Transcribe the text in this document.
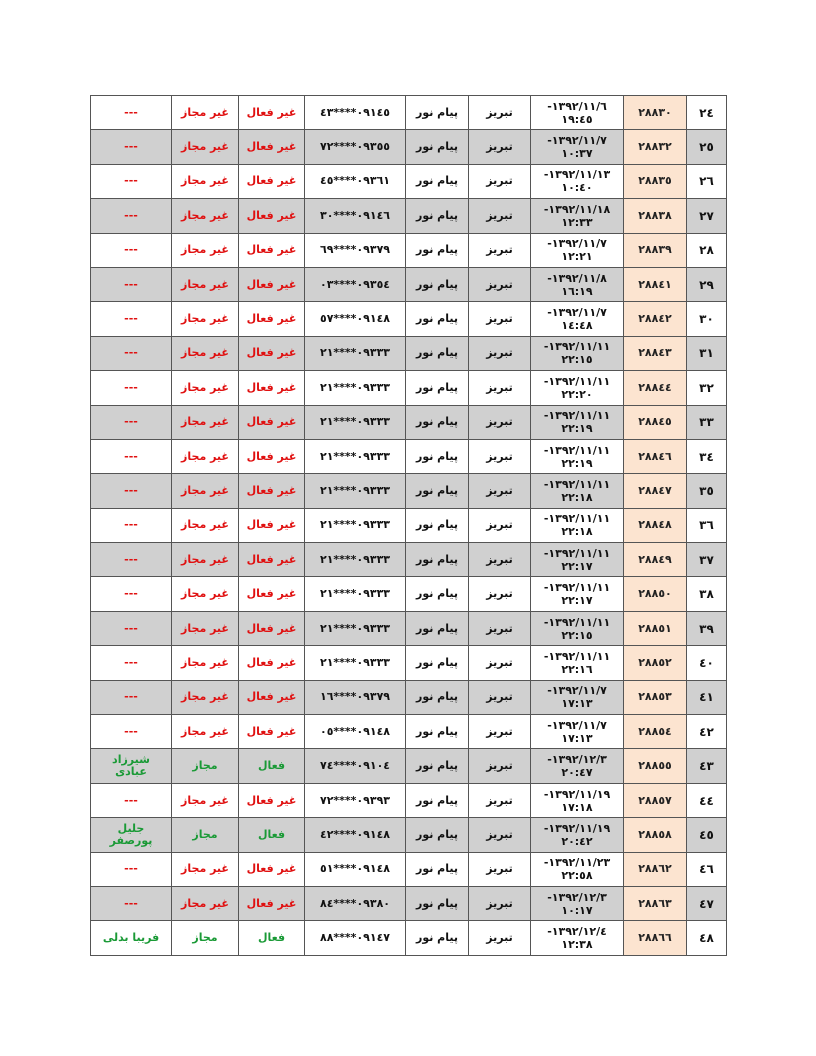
٢٤	٢٨٨٣٠	١٣٩٢/١١/٦-
١٩:٤٥	تبریز	پیام نور	٠٩١٤٥****٤٣	غیر فعال	غیر مجاز	---
٢٥	٢٨٨٣٢	١٣٩٢/١١/٧-
١٠:٣٧	تبریز	پیام نور	٠٩٣٥٥****٧٢	غیر فعال	غیر مجاز	---
٢٦	٢٨٨٣٥	١٣٩٢/١١/١٣-
١٠:٤٠	تبریز	پیام نور	٠٩٣٦١****٤٥	غیر فعال	غیر مجاز	---
٢٧	٢٨٨٣٨	١٣٩٢/١١/١٨-
١٢:٣٣	تبریز	پیام نور	٠٩١٤٦****٣٠	غیر فعال	غیر مجاز	---
٢٨	٢٨٨٣٩	١٣٩٢/١١/٧-
١٢:٢١	تبریز	پیام نور	٠٩٣٧٩****٦٩	غیر فعال	غیر مجاز	---
٢٩	٢٨٨٤١	١٣٩٢/١١/٨-
١٦:١٩	تبریز	پیام نور	٠٩٣٥٤****٠٣	غیر فعال	غیر مجاز	---
٣٠	٢٨٨٤٢	١٣٩٢/١١/٧-
١٤:٤٨	تبریز	پیام نور	٠٩١٤٨****٥٧	غیر فعال	غیر مجاز	---
٣١	٢٨٨٤٣	١٣٩٢/١١/١١-
٢٢:١٥	تبریز	پیام نور	٠٩٣٣٣****٢١	غیر فعال	غیر مجاز	---
٣٢	٢٨٨٤٤	١٣٩٢/١١/١١-
٢٢:٢٠	تبریز	پیام نور	٠٩٣٣٣****٢١	غیر فعال	غیر مجاز	---
٣٣	٢٨٨٤٥	١٣٩٢/١١/١١-
٢٢:١٩	تبریز	پیام نور	٠٩٣٣٣****٢١	غیر فعال	غیر مجاز	---
٣٤	٢٨٨٤٦	١٣٩٢/١١/١١-
٢٢:١٩	تبریز	پیام نور	٠٩٣٣٣****٢١	غیر فعال	غیر مجاز	---
٣٥	٢٨٨٤٧	١٣٩٢/١١/١١-
٢٢:١٨	تبریز	پیام نور	٠٩٣٣٣****٢١	غیر فعال	غیر مجاز	---
٣٦	٢٨٨٤٨	١٣٩٢/١١/١١-
٢٢:١٨	تبریز	پیام نور	٠٩٣٣٣****٢١	غیر فعال	غیر مجاز	---
٣٧	٢٨٨٤٩	١٣٩٢/١١/١١-
٢٢:١٧	تبریز	پیام نور	٠٩٣٣٣****٢١	غیر فعال	غیر مجاز	---
٣٨	٢٨٨٥٠	١٣٩٢/١١/١١-
٢٢:١٧	تبریز	پیام نور	٠٩٣٣٣****٢١	غیر فعال	غیر مجاز	---
٣٩	٢٨٨٥١	١٣٩٢/١١/١١-
٢٢:١٥	تبریز	پیام نور	٠٩٣٣٣****٢١	غیر فعال	غیر مجاز	---
٤٠	٢٨٨٥٢	١٣٩٢/١١/١١-
٢٢:١٦	تبریز	پیام نور	٠٩٣٣٣****٢١	غیر فعال	غیر مجاز	---
٤١	٢٨٨٥٣	١٣٩٢/١١/٧-
١٧:١٣	تبریز	پیام نور	٠٩٣٧٩****١٦	غیر فعال	غیر مجاز	---
٤٢	٢٨٨٥٤	١٣٩٢/١١/٧-
١٧:١٣	تبریز	پیام نور	٠٩١٤٨****٠٥	غیر فعال	غیر مجاز	---
٤٣	٢٨٨٥٥	١٣٩٢/١٢/٣-
٢٠:٤٧	تبریز	پیام نور	٠٩١٠٤****٧٤	فعال	مجاز	شیرزاد
عبادی
٤٤	٢٨٨٥٧	١٣٩٢/١١/١٩-
١٧:١٨	تبریز	پیام نور	٠٩٣٩٣****٧٢	غیر فعال	غیر مجاز	---
٤٥	٢٨٨٥٨	١٣٩٢/١١/١٩-
٢٠:٤٢	تبریز	پیام نور	٠٩١٤٨****٤٢	فعال	مجاز	جلیل
پورصفر
٤٦	٢٨٨٦٢	١٣٩٢/١١/٢٣-
٢٢:٥٨	تبریز	پیام نور	٠٩١٤٨****٥١	غیر فعال	غیر مجاز	---
٤٧	٢٨٨٦٣	١٣٩٢/١٢/٣-
١٠:١٧	تبریز	پیام نور	٠٩٣٨٠****٨٤	غیر فعال	غیر مجاز	---
٤٨	٢٨٨٦٦	١٣٩٢/١٢/٤-
١٢:٣٨	تبریز	پیام نور	٠٩١٤٧****٨٨	فعال	مجاز	فریبا بدلی
